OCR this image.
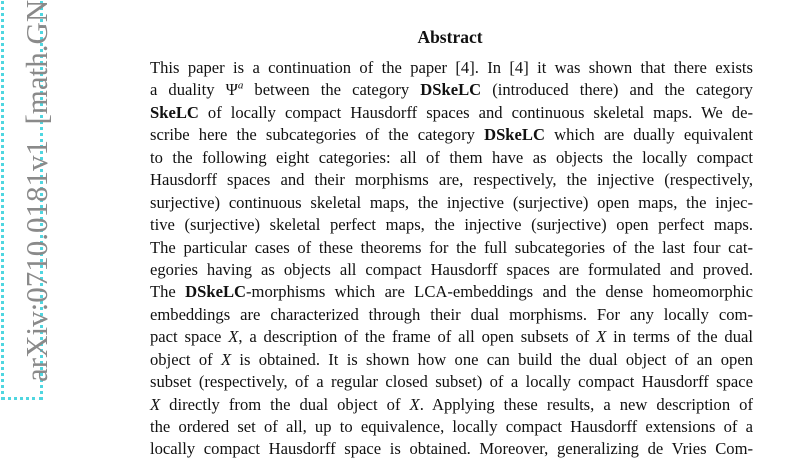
arXiv:0710.0181v1  [math.GN	Abstract
This paper is a continuation of the paper [4]. In [4] it was shown that there exists
a duality $\Psi^a$ between the category DSkeLC (introduced there) and the category
SkeLC of locally compact Hausdorff spaces and continuous skeletal maps. We de-
scribe here the subcategories of the category DSkeLC which are dually equivalent
to the following eight categories: all of them have as objects the locally compact
Hausdorff spaces and their morphisms are, respectively, the injective (respectively,
surjective) continuous skeletal maps, the injective (surjective) open maps, the injec-
tive (surjective) skeletal perfect maps, the injective (surjective) open perfect maps.
The particular cases of these theorems for the full subcategories of the last four cat-
egories having as objects all compact Hausdorff spaces are formulated and proved.
The DSkeLC-morphisms which are LCA-embeddings and the dense homeomorphic
embeddings are characterized through their dual morphisms. For any locally com-
pact space X, a description of the frame of all open subsets of X in terms of the dual
object of X is obtained. It is shown how one can build the dual object of an open
subset (respectively, of a regular closed subset) of a locally compact Hausdorff space
X directly from the dual object of X. Applying these results, a new description of
the ordered set of all, up to equivalence, locally compact Hausdorff extensions of a
locally compact Hausdorff space is obtained. Moreover, generalizing de Vries Com-
